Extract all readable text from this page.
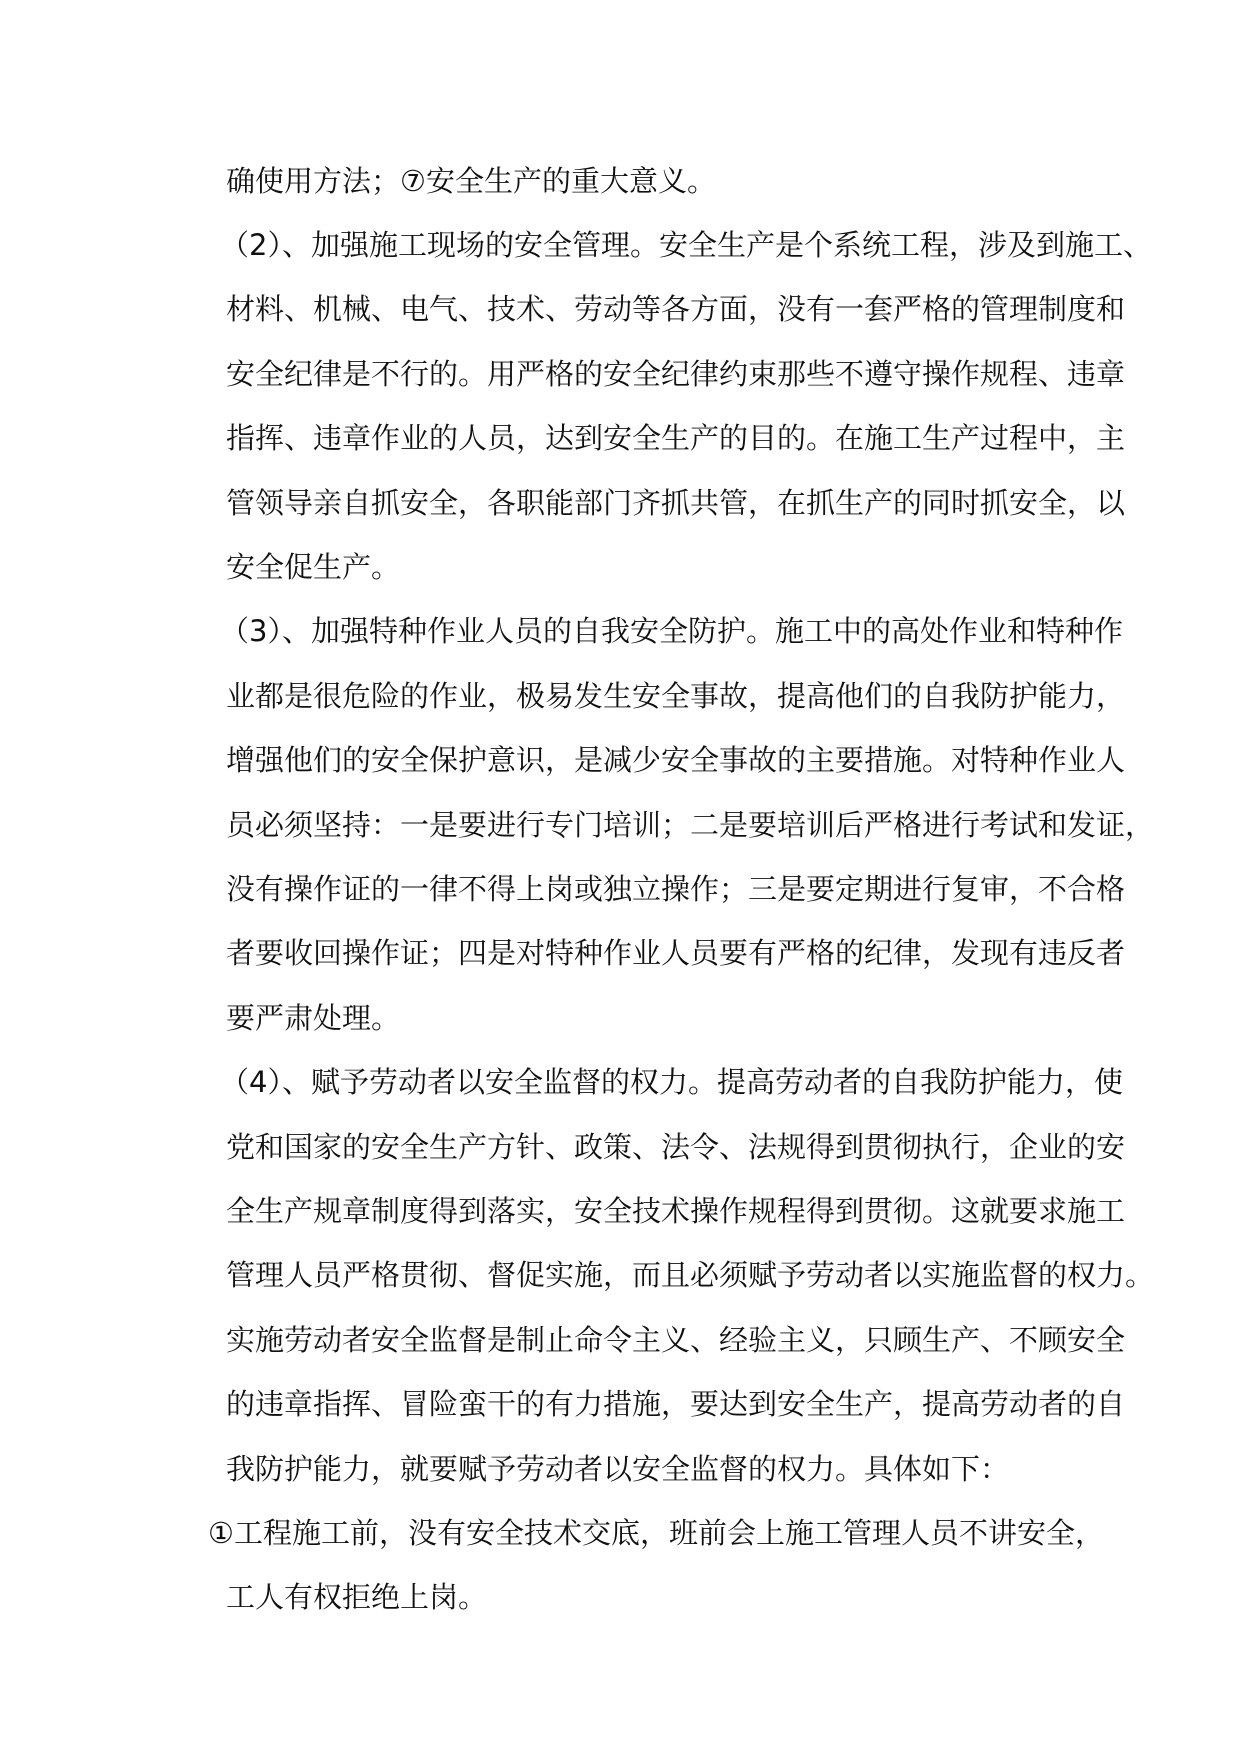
确使用方法；⑦安全生产的重大意义。
（2）、加强施工现场的安全管理。安全生产是个系统工程，涉及到施工、
材料、机械、电气、技术、劳动等各方面，没有一套严格的管理制度和
安全纪律是不行的。用严格的安全纪律约束那些不遵守操作规程、违章
指挥、违章作业的人员，达到安全生产的目的。在施工生产过程中，主
管领导亲自抓安全，各职能部门齐抓共管，在抓生产的同时抓安全，以
安全促生产。
（3）、加强特种作业人员的自我安全防护。施工中的高处作业和特种作
业都是很危险的作业，极易发生安全事故，提高他们的自我防护能力，
增强他们的安全保护意识，是减少安全事故的主要措施。对特种作业人
员必须坚持：一是要进行专门培训；二是要培训后严格进行考试和发证，
没有操作证的一律不得上岗或独立操作；三是要定期进行复审，不合格
者要收回操作证；四是对特种作业人员要有严格的纪律，发现有违反者
要严肃处理。
（4）、赋予劳动者以安全监督的权力。提高劳动者的自我防护能力，使
党和国家的安全生产方针、政策、法令、法规得到贯彻执行，企业的安
全生产规章制度得到落实，安全技术操作规程得到贯彻。这就要求施工
管理人员严格贯彻、督促实施，而且必须赋予劳动者以实施监督的权力。
实施劳动者安全监督是制止命令主义、经验主义，只顾生产、不顾安全
的违章指挥、冒险蛮干的有力措施，要达到安全生产，提高劳动者的自
我防护能力，就要赋予劳动者以安全监督的权力。具体如下：
①工程施工前，没有安全技术交底，班前会上施工管理人员不讲安全，
工人有权拒绝上岗。
